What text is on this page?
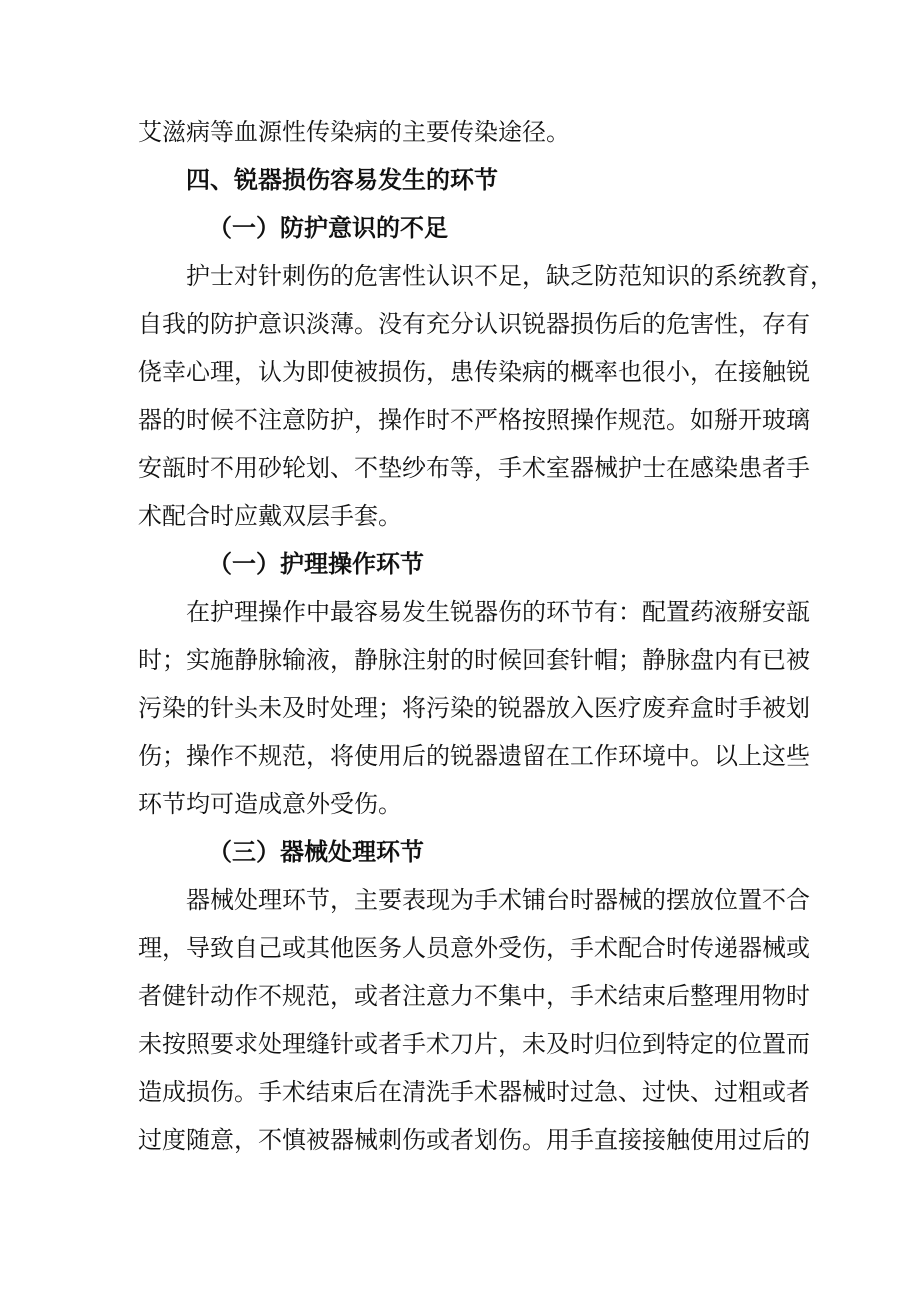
艾滋病等血源性传染病的主要传染途径。
四、锐器损伤容易发生的环节
（一）防护意识的不足
护士对针刺伤的危害性认识不足，缺乏防范知识的系统教育，
自我的防护意识淡薄。没有充分认识锐器损伤后的危害性，存有
侥幸心理，认为即使被损伤，患传染病的概率也很小，在接触锐
器的时候不注意防护，操作时不严格按照操作规范。如掰开玻璃
安瓿时不用砂轮划、不垫纱布等，手术室器械护士在感染患者手
术配合时应戴双层手套。
（一）护理操作环节
在护理操作中最容易发生锐器伤的环节有：配置药液掰安瓿
时；实施静脉输液，静脉注射的时候回套针帽；静脉盘内有已被
污染的针头未及时处理；将污染的锐器放入医疗废弃盒时手被划
伤；操作不规范，将使用后的锐器遗留在工作环境中。以上这些
环节均可造成意外受伤。
（三）器械处理环节
器械处理环节，主要表现为手术铺台时器械的摆放位置不合
理，导致自己或其他医务人员意外受伤，手术配合时传递器械或
者健针动作不规范，或者注意力不集中，手术结束后整理用物时
未按照要求处理缝针或者手术刀片，未及时归位到特定的位置而
造成损伤。手术结束后在清洗手术器械时过急、过快、过粗或者
过度随意，不慎被器械刺伤或者划伤。用手直接接触使用过后的
